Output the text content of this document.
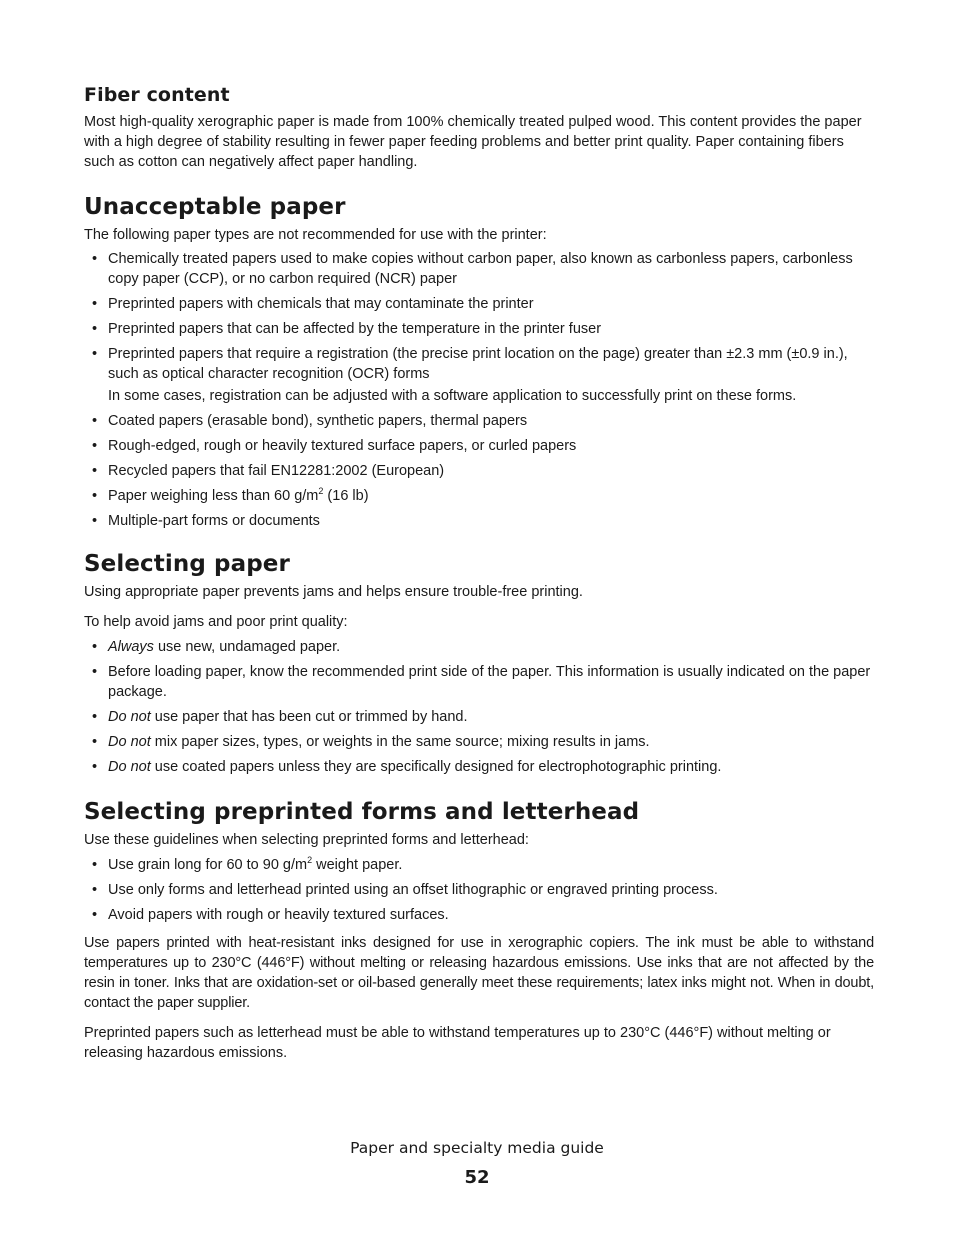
Fiber content

Most high-quality xerographic paper is made from 100% chemically treated pulped wood. This content provides the paper with a high degree of stability resulting in fewer paper feeding problems and better print quality. Paper containing fibers such as cotton can negatively affect paper handling.

Unacceptable paper

The following paper types are not recommended for use with the printer:

• Chemically treated papers used to make copies without carbon paper, also known as carbonless papers, carbonless copy paper (CCP), or no carbon required (NCR) paper
• Preprinted papers with chemicals that may contaminate the printer
• Preprinted papers that can be affected by the temperature in the printer fuser
• Preprinted papers that require a registration (the precise print location on the page) greater than ±2.3 mm (±0.9 in.), such as optical character recognition (OCR) forms

In some cases, registration can be adjusted with a software application to successfully print on these forms.

• Coated papers (erasable bond), synthetic papers, thermal papers
• Rough-edged, rough or heavily textured surface papers, or curled papers
• Recycled papers that fail EN12281:2002 (European)
• Paper weighing less than 60 $g/m^2$ (16 lb)
• Multiple-part forms or documents
Selecting paper

Using appropriate paper prevents jams and helps ensure trouble-free printing.

To help avoid jams and poor print quality:

• Always use new, undamaged paper.
• Before loading paper, know the recommended print side of the paper. This information is usually indicated on the paper package.
• Do not use paper that has been cut or trimmed by hand.
• Do not mix paper sizes, types, or weights in the same source; mixing results in jams.
• Do not use coated papers unless they are specifically designed for electrophotographic printing.
Selecting preprinted forms and letterhead

Use these guidelines when selecting preprinted forms and letterhead:

• Use grain long for 60 to 90 $g/m^2$ weight paper.
• Use only forms and letterhead printed using an offset lithographic or engraved printing process.
• Avoid papers with rough or heavily textured surfaces.

Use papers printed with heat-resistant inks designed for use in xerographic copiers. The ink must be able to withstand temperatures up to 230°C (446°F) without melting or releasing hazardous emissions. Use inks that are not affected by the resin in toner. Inks that are oxidation-set or oil-based generally meet these requirements; latex inks might not. When in doubt, contact the paper supplier.

Preprinted papers such as letterhead must be able to withstand temperatures up to 230°C (446°F) without melting or releasing hazardous emissions.

Paper and specialty media guide
52
